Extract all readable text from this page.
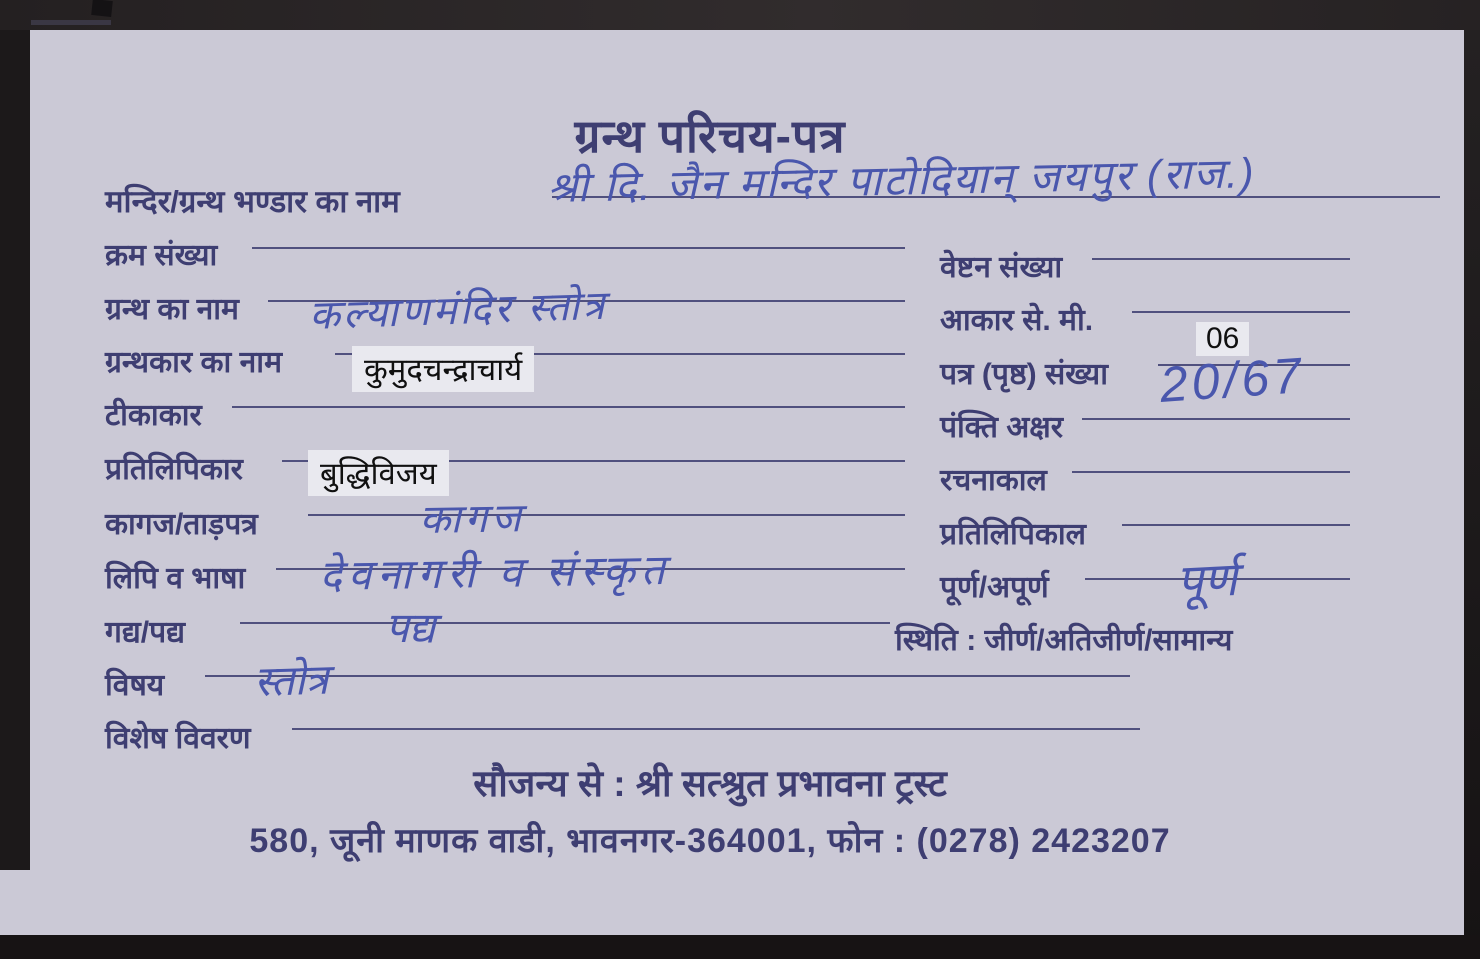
ग्रन्थ परिचय-पत्र
मन्दिर/ग्रन्थ भण्डार का नाम	श्री दि. जैन मन्दिर पाटोदियान् जयपुर (राज.)
क्रम संख्या
ग्रन्थ का नाम
ग्रन्थकार का नाम
टीकाकार
प्रतिलिपिकार
कागज/ताड़पत्र
लिपि व भाषा
गद्य/पद्य
विषय
विशेष विवरण
कल्याणमंदिर स्तोत्र
कुमुदचन्द्राचार्य
बुद्धिविजय
कागज
देवनागरी व संस्कृत
पद्य
स्तोत्र
वेष्टन संख्या
आकार से. मी.
पत्र (पृष्ठ) संख्या
पंक्ति अक्षर
रचनाकाल
प्रतिलिपिकाल
पूर्ण/अपूर्ण
स्थिति : जीर्ण/अतिजीर्ण/सामान्य
06
20/67
पूर्ण
सौजन्य से : श्री सत्श्रुत प्रभावना ट्रस्ट
580, जूनी माणक वाडी, भावनगर-364001, फोन : (0278) 2423207
